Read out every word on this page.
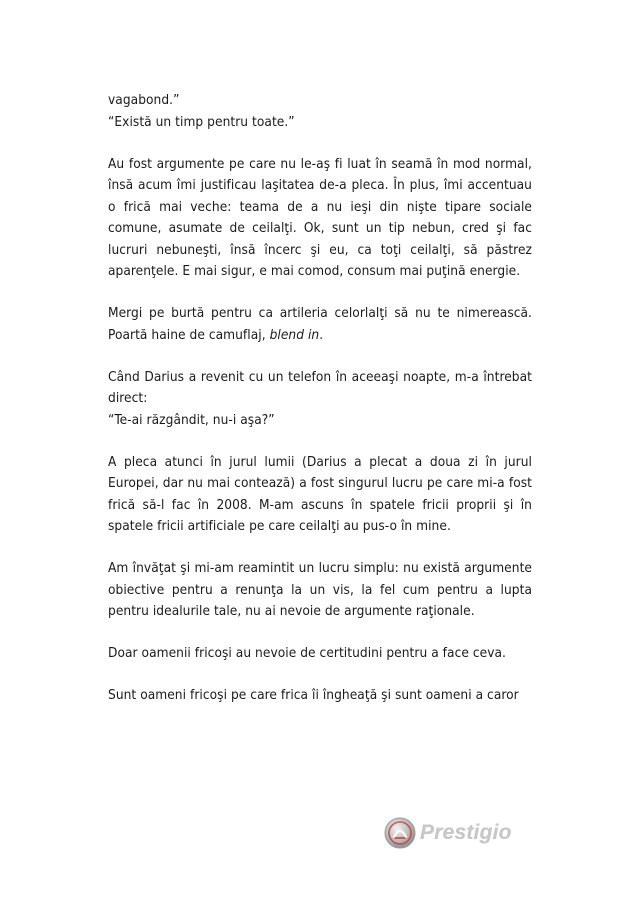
vagabond.”

“Există un timp pentru toate.”

Au fost argumente pe care nu le-aş fi luat în seamă în mod normal, însă acum îmi justificau laşitatea de-a pleca. În plus, îmi accentuau o frică mai veche: teama de a nu ieşi din nişte tipare sociale comune, asumate de ceilalţi. Ok, sunt un tip nebun, cred şi fac lucruri nebuneşti, însă încerc şi eu, ca toţi ceilalţi, să păstrez aparenţele. E mai sigur, e mai comod, consum mai puţină energie.

Mergi pe burtă pentru ca artileria celorlalţi să nu te nimerească. Poartă haine de camuflaj, blend in.

Când Darius a revenit cu un telefon în aceeaşi noapte, m-a întrebat direct:

“Te-ai răzgândit, nu-i aşa?”

A pleca atunci în jurul lumii (Darius a plecat a doua zi în jurul Europei, dar nu mai contează) a fost singurul lucru pe care mi-a fost frică să-l fac în 2008. M-am ascuns în spatele fricii proprii şi în spatele fricii artificiale pe care ceilalţi au pus-o în mine.

Am învăţat şi mi-am reamintit un lucru simplu: nu există argumente obiective pentru a renunţa la un vis, la fel cum pentru a lupta pentru idealurile tale, nu ai nevoie de argumente raţionale.

Doar oamenii fricoşi au nevoie de certitudini pentru a face ceva.

Sunt oameni fricoşi pe care frica îi îngheaţă şi sunt oameni a caror

Prestigio
